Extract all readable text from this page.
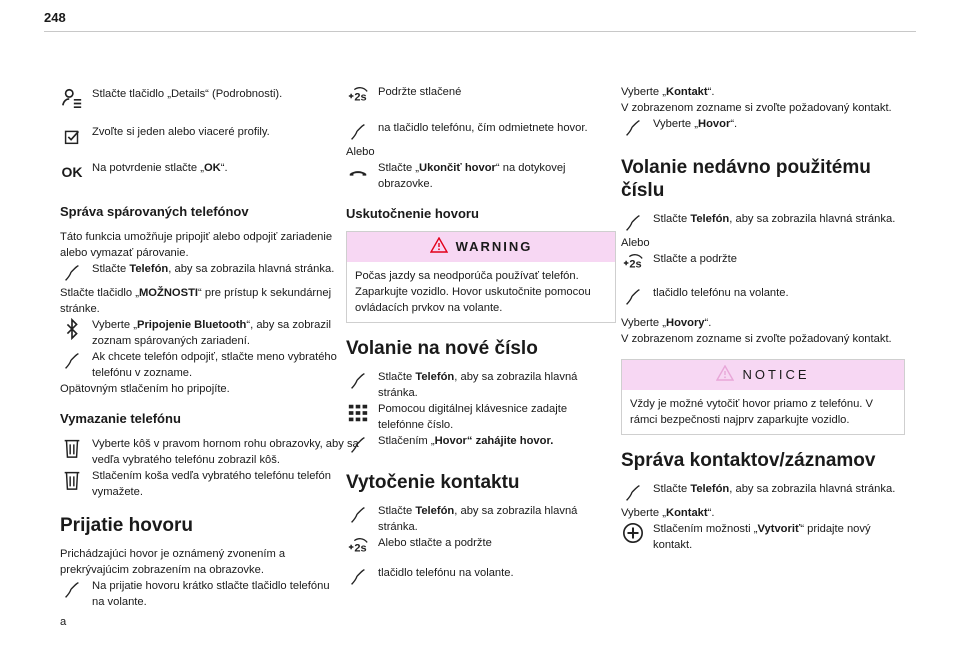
248

Stlačte tlačidlo „Details“ (Podrobnosti).

Zvoľte si jeden alebo viaceré profily.

OK Na potvrdenie stlačte „OK“.

Správa spárovaných telefónov

Táto funkcia umožňuje pripojiť alebo odpojiť zariadenie alebo vymazať párovanie.

Stlačte Telefón, aby sa zobrazila hlavná stránka.

Stlačte tlačidlo „MOŽNOSTI“ pre prístup k sekundárnej stránke.

Vyberte „Pripojenie Bluetooth“, aby sa zobrazil zoznam spárovaných zariadení.

Ak chcete telefón odpojiť, stlačte meno vybratého telefónu v zozname.

Opätovným stlačením ho pripojíte.

Vymazanie telefónu

Vyberte kôš v pravom hornom rohu obrazovky, aby sa vedľa vybratého telefónu zobrazil kôš.

Stlačením koša vedľa vybratého telefónu telefón vymažete.

Prijatie hovoru

Prichádzajúci hovor je oznámený zvonením a prekrývajúcim zobrazením na obrazovke.

Na prijatie hovoru krátko stlačte tlačidlo telefónu na volante.

a

2s Podržte stlačené

na tlačidlo telefónu, čím odmietnete hovor.

Alebo

Stlačte „Ukončiť hovor“ na dotykovej obrazovke.

Uskutočnenie hovoru
WARNING
Počas jazdy sa neodporúča používať telefón. Zaparkujte vozidlo. Hovor uskutočnite pomocou ovládacích prvkov na volante.
Volanie na nové číslo

Stlačte Telefón, aby sa zobrazila hlavná stránka.

Pomocou digitálnej klávesnice zadajte telefónne číslo.

Stlačením „Hovor“ zahájite hovor.

Vytočenie kontaktu

Stlačte Telefón, aby sa zobrazila hlavná stránka.

2s Alebo stlačte a podržte

tlačidlo telefónu na volante.

Vyberte „Kontakt“.

V zobrazenom zozname si zvoľte požadovaný kontakt.

Vyberte „Hovor“.

Volanie nedávno použitému číslu

Stlačte Telefón, aby sa zobrazila hlavná stránka.

Alebo

2s Stlačte a podržte

tlačidlo telefónu na volante.

Vyberte „Hovory“.

V zobrazenom zozname si zvoľte požadovaný kontakt.

NOTICE
Vždy je možné vytočiť hovor priamo z telefónu. V rámci bezpečnosti najprv zaparkujte vozidlo.
Správa kontaktov/záznamov

Stlačte Telefón, aby sa zobrazila hlavná stránka.

Vyberte „Kontakt“.

Stlačením možnosti „Vytvoriť“ pridajte nový kontakt.
